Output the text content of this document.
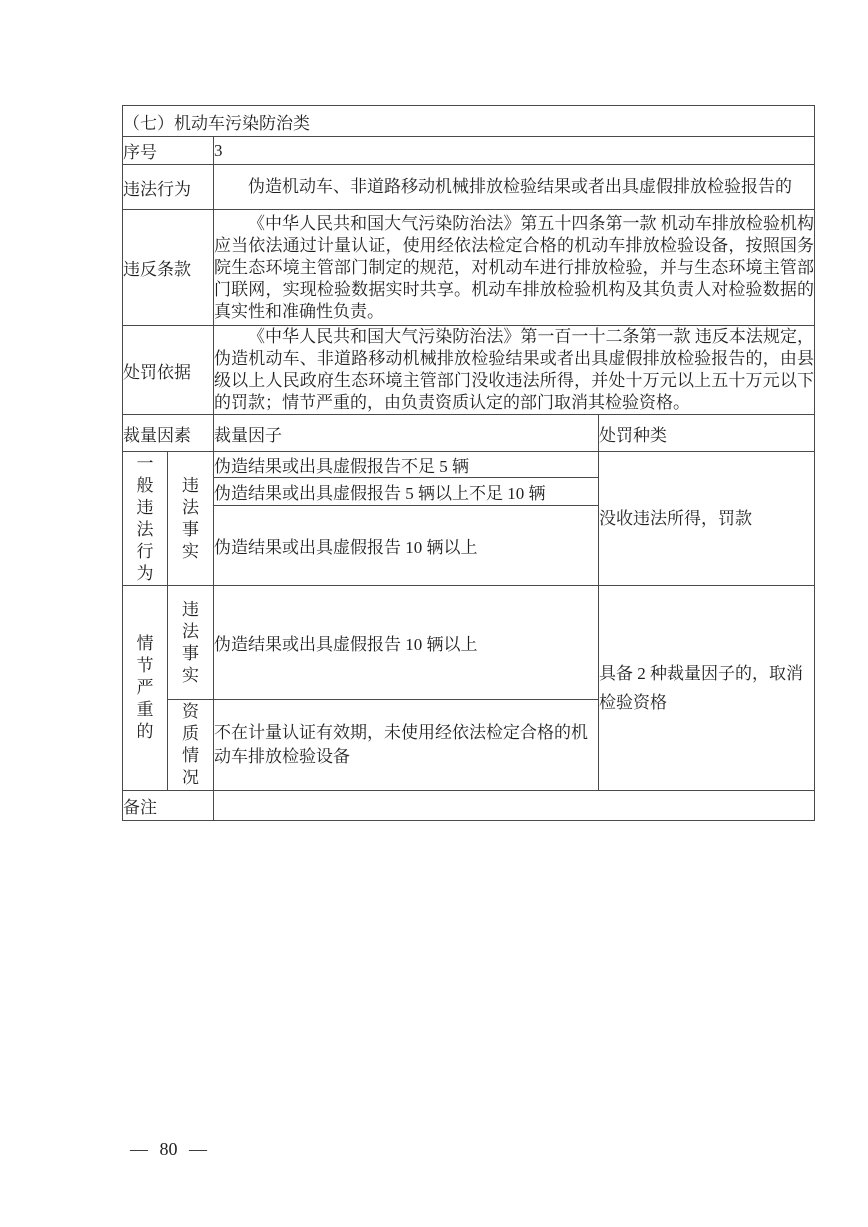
（七）机动车污染防治类			
序号		3	
违法行为		伪造机动车、非道路移动机械排放检验结果或者出具虚假排放检验报告的	
违反条款		《中华人民共和国大气污染防治法》第五十四条第一款 机动车排放检验机构应当依法通过计量认证，使用经依法检定合格的机动车排放检验设备，按照国务院生态环境主管部门制定的规范，对机动车进行排放检验，并与生态环境主管部门联网，实现检验数据实时共享。机动车排放检验机构及其负责人对检验数据的真实性和准确性负责。	
处罚依据		《中华人民共和国大气污染防治法》第一百一十二条第一款 违反本法规定，伪造机动车、非道路移动机械排放检验结果或者出具虚假排放检验报告的，由县级以上人民政府生态环境主管部门没收违法所得，并处十万元以上五十万元以下的罚款；情节严重的，由负责资质认定的部门取消其检验资格。	
裁量因素		裁量因子	处罚种类

一般违法行为	违法事实	伪造结果或出具虚假报告不足 5 辆	没收违法所得，罚款
		伪造结果或出具虚假报告 5 辆以上不足 10 辆	
		伪造结果或出具虚假报告 10 辆以上	

情节严重的	违法事实	伪造结果或出具虚假报告 10 辆以上	具备 2 种裁量因子的，取消检验资格

	资质情况	不在计量认证有效期，未使用经依法检定合格的机动车排放检验设备	
备注			
— 80 —
